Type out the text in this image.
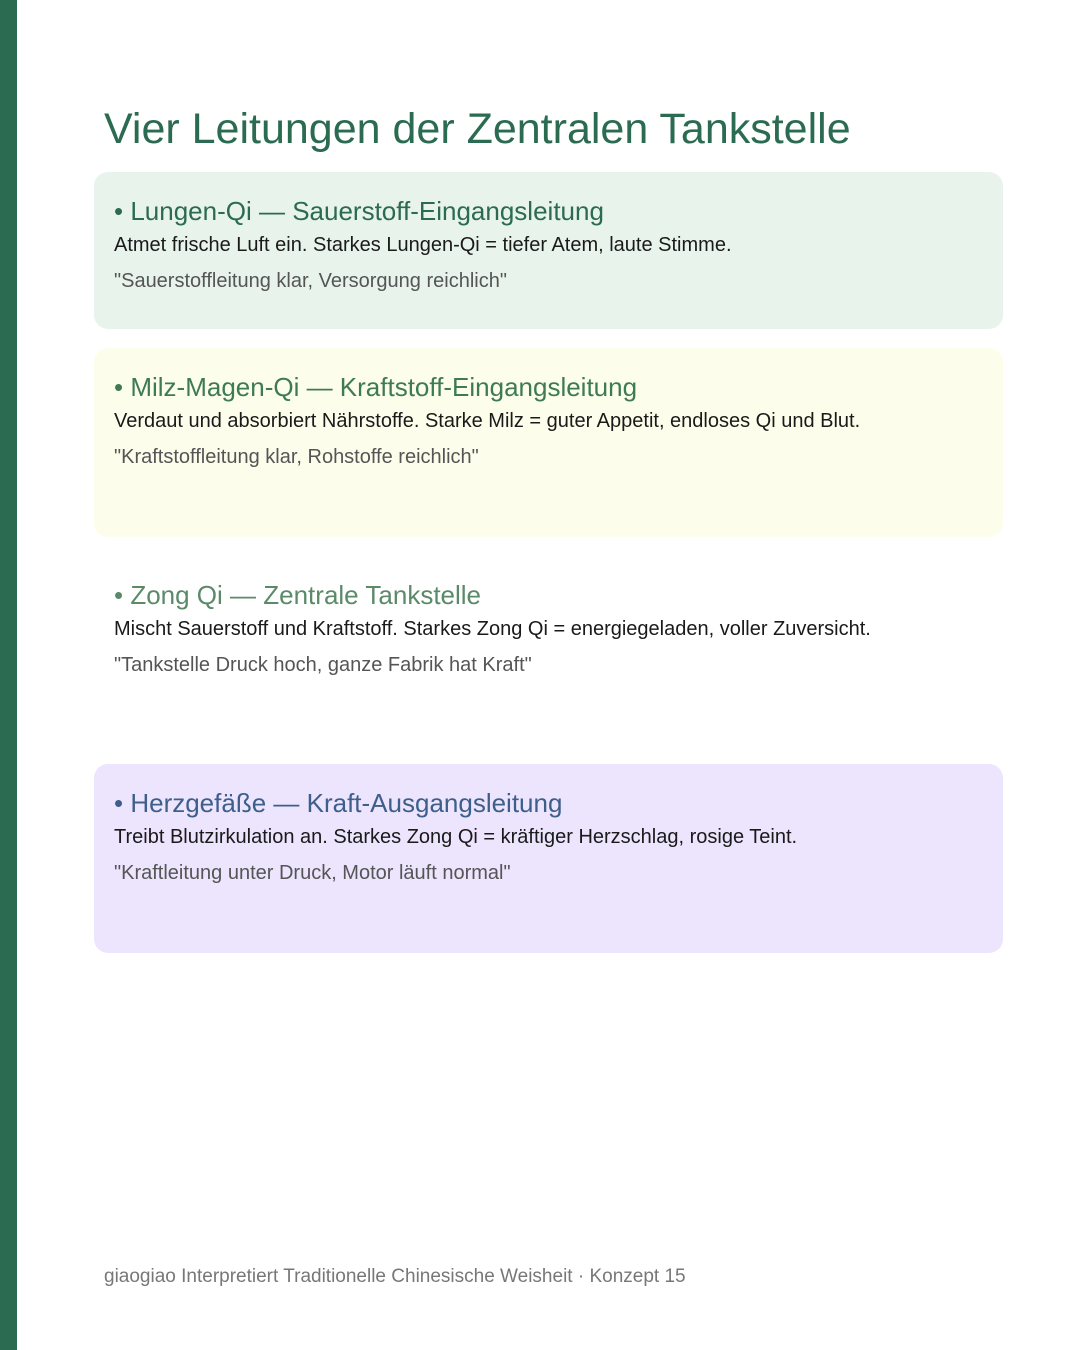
Vier Leitungen der Zentralen Tankstelle
• Lungen-Qi — Sauerstoff-Eingangsleitung
Atmet frische Luft ein. Starkes Lungen-Qi = tiefer Atem, laute Stimme.
"Sauerstoffleitung klar, Versorgung reichlich"
• Milz-Magen-Qi — Kraftstoff-Eingangsleitung
Verdaut und absorbiert Nährstoffe. Starke Milz = guter Appetit, endloses Qi und Blut.
"Kraftstoffleitung klar, Rohstoffe reichlich"
• Zong Qi — Zentrale Tankstelle
Mischt Sauerstoff und Kraftstoff. Starkes Zong Qi = energiegeladen, voller Zuversicht.
"Tankstelle Druck hoch, ganze Fabrik hat Kraft"
• Herzgefäße — Kraft-Ausgangsleitung
Treibt Blutzirkulation an. Starkes Zong Qi = kräftiger Herzschlag, rosige Teint.
"Kraftleitung unter Druck, Motor läuft normal"
giaogiao Interpretiert Traditionelle Chinesische Weisheit · Konzept 15
